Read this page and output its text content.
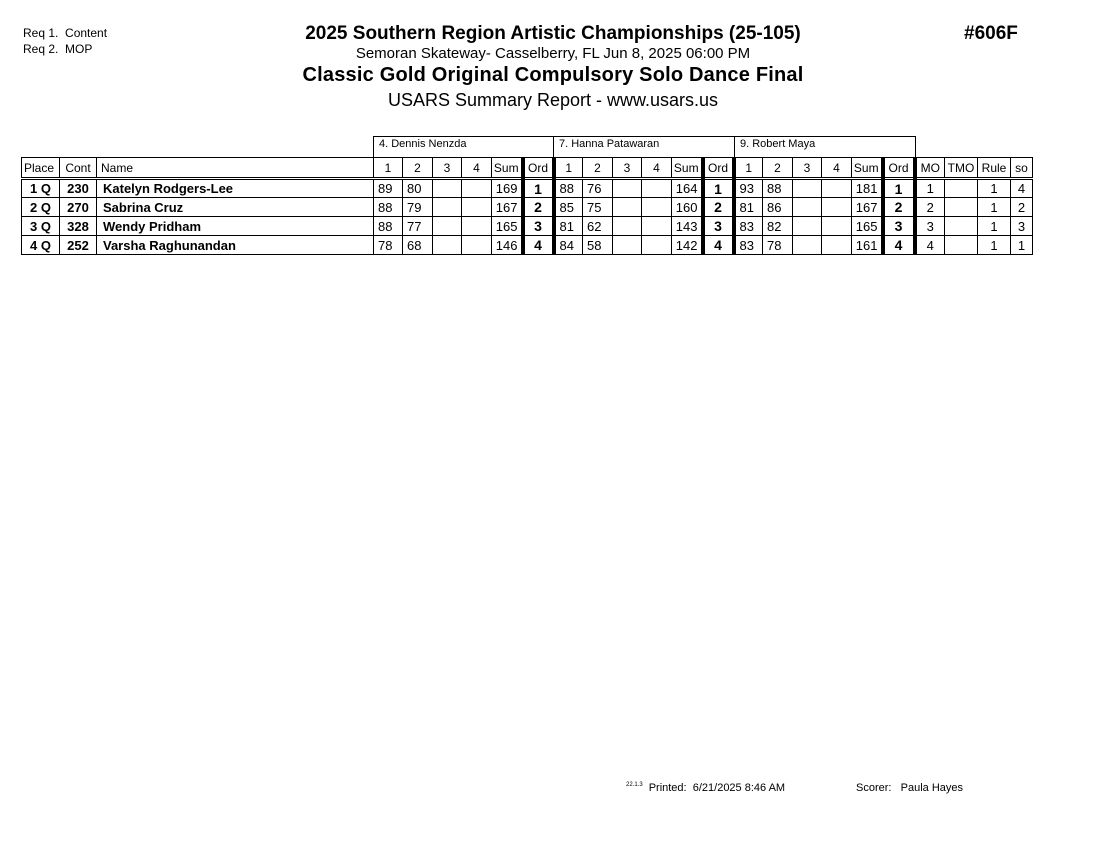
Req 1. Content
Req 2. MOP
2025 Southern Region Artistic Championships (25-105)
Semoran Skateway- Casselberry, FL Jun 8, 2025 06:00 PM
Classic Gold Original Compulsory Solo Dance Final
USARS Summary Report - www.usars.us
#606F
4. Dennis Nenzda	7. Hanna Patawaran	9. Robert Maya
Place	Cont	Name	1	2	3	4	Sum	Ord	1	2	3	4	Sum	Ord	1	2	3	4	Sum	Ord	MO	TMO	Rule	so
1 Q	230	Katelyn Rodgers-Lee	89	80			169	1	88	76			164	1	93	88			181	1	1		1	4
2 Q	270	Sabrina Cruz	88	79			167	2	85	75			160	2	81	86			167	2	2		1	2
3 Q	328	Wendy Pridham	88	77			165	3	81	62			143	3	83	82			165	3	3		1	3
4 Q	252	Varsha Raghunandan	78	68			146	4	84	58			142	4	83	78			161	4	4		1	1
$^{22.1.3}$ Printed: 6/21/2025 8:46 AM	Scorer: Paula Hayes
